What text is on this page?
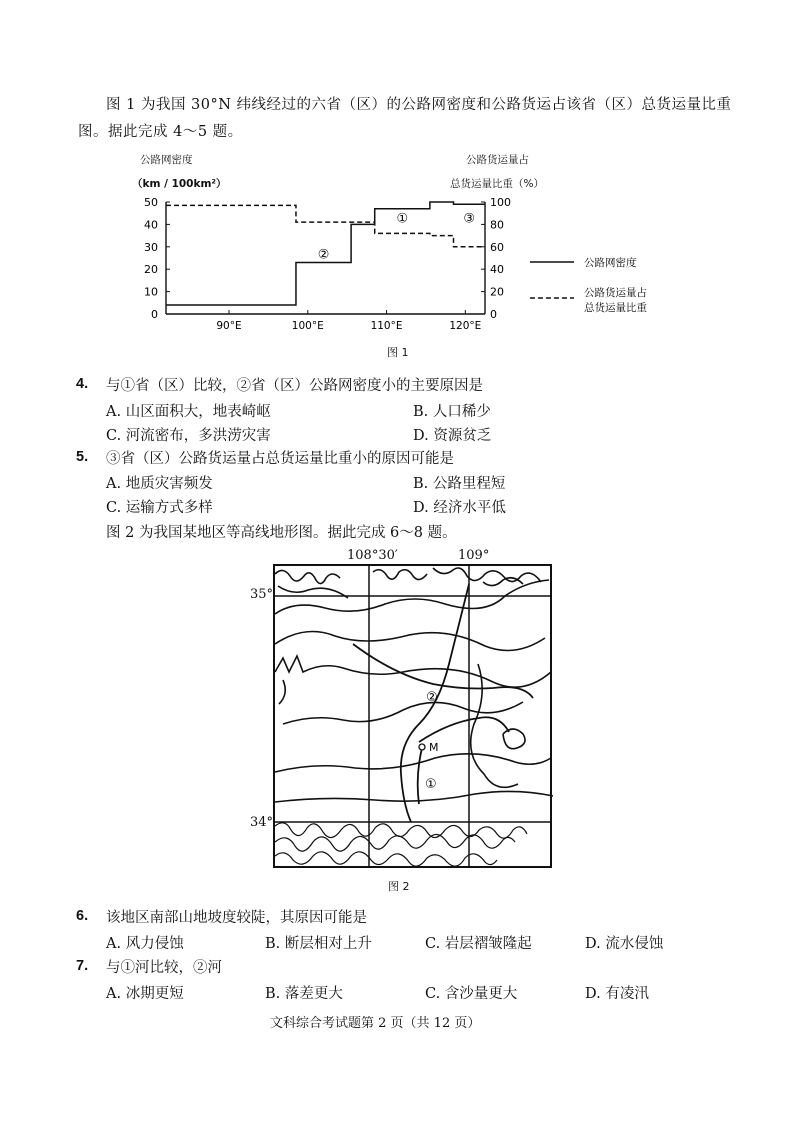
图 1 为我国 30°N 纬线经过的六省（区）的公路网密度和公路货运占该省（区）总货运量比重图。据此完成 4～5 题。
公路网密度
（km / 100km²）
公路货运量占
总货运量比重（%）
0
10
20
30
40
50
0
20
40
60
80
100
90°E	100°E	110°E	120°E
①
②
③
公路网密度
公路货运量占
总货运量比重
图 1
4. 与①省（区）比较，②省（区）公路网密度小的主要原因是
A. 山区面积大，地表崎岖	B. 人口稀少
C. 河流密布，多洪涝灾害	D. 资源贫乏
5. ③省（区）公路货运量占总货运量比重小的原因可能是
A. 地质灾害频发	B. 公路里程短
C. 运输方式多样	D. 经济水平低
图 2 为我国某地区等高线地形图。据此完成 6～8 题。
108°30′	109°
35°
34°
M
①
②
图 2
6. 该地区南部山地坡度较陡，其原因可能是
A. 风力侵蚀	B. 断层相对上升	C. 岩层褶皱隆起	D. 流水侵蚀
7. 与①河比较，②河
A. 冰期更短	B. 落差更大	C. 含沙量更大	D. 有凌汛
文科综合考试题第 2 页（共 12 页）
